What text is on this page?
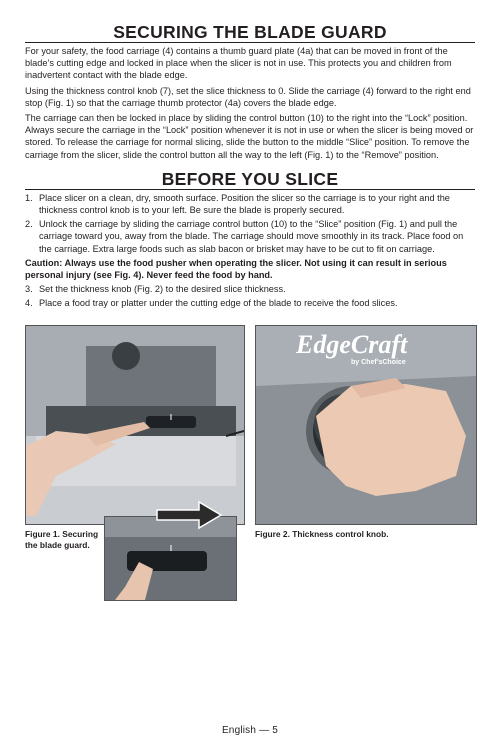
SECURING THE BLADE GUARD

For your safety, the food carriage (4) contains a thumb guard plate (4a) that can be moved in front of the blade’s cutting edge and locked in place when the slicer is not in use. This protects you and children from inadvertent contact with the blade edge.

Using the thickness control knob (7), set the slice thickness to 0. Slide the carriage (4) forward to the right end stop (Fig. 1) so that the carriage thumb protector (4a) covers the blade edge.

The carriage can then be locked in place by sliding the control button (10) to the right into the “Lock” position. Always secure the carriage in the “Lock” position whenever it is not in use or when the slicer is being moved or stored. To release the carriage for normal slicing, slide the button to the middle “Slice” position. To remove the carriage from the slicer, slide the control button all the way to the left (Fig. 1) to the “Remove” position.

BEFORE YOU SLICE
1. Place slicer on a clean, dry, smooth surface. Position the slicer so the carriage is to your right and the thickness control knob is to your left. Be sure the blade is properly secured.
2. Unlock the carriage by sliding the carriage control button (10) to the “Slice” position (Fig. 1) and pull the carriage toward you, away from the blade. The carriage should move smoothly in its track. Place food on the carriage. Extra large foods such as slab bacon or brisket may have to be cut to fit on carriage.

Caution: Always use the food pusher when operating the slicer. Not using it can result in serious personal injury (see Fig. 4). Never feed the food by hand.

3. Set the thickness knob (Fig. 2) to the desired slice thickness.
4. Place a food tray or platter under the cutting edge of the blade to receive the food slices.
Figure 1. Securing the blade guard.
EdgeCraft
by Chef’sChoice
Figure 2. Thickness control knob.
English — 5
